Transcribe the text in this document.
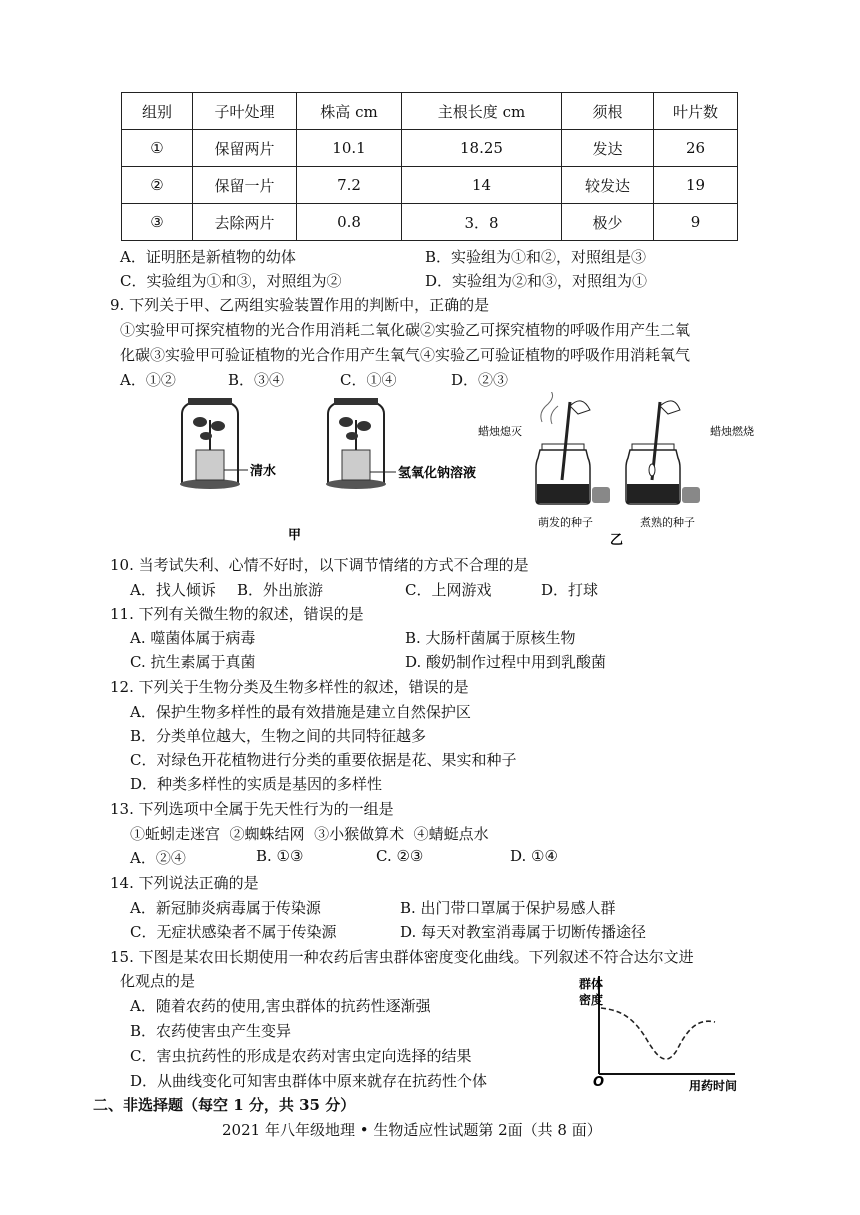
组别	子叶处理	株高 cm	主根长度 cm	须根	叶片数
①	保留两片	10.1	18.25	发达	26
②	保留一片	7.2	14	较发达	19
③	去除两片	0.8	3．8	极少	9
A．证明胚是新植物的幼体	B．实验组为①和②，对照组是③
C．实验组为①和③，对照组为②	D．实验组为②和③，对照组为①
9. 下列关于甲、乙两组实验装置作用的判断中，正确的是
①实验甲可探究植物的光合作用消耗二氧化碳②实验乙可探究植物的呼吸作用产生二氧
化碳③实验甲可验证植物的光合作用产生氧气④实验乙可验证植物的呼吸作用消耗氧气
A．①②	B．③④	C．①④	D．②③
清水	氢氧化钠溶液
甲
蜡烛熄灭
萌发的种子
蜡烛燃烧
煮熟的种子
乙
10. 当考试失利、心情不好时，以下调节情绪的方式不合理的是
A．找人倾诉 B．外出旅游	C．上网游戏	D．打球
11. 下列有关微生物的叙述，错误的是
A. 噬菌体属于病毒	B. 大肠杆菌属于原核生物
C. 抗生素属于真菌	D. 酸奶制作过程中用到乳酸菌
12. 下列关于生物分类及生物多样性的叙述，错误的是
A．保护生物多样性的最有效措施是建立自然保护区
B．分类单位越大，生物之间的共同特征越多
C．对绿色开花植物进行分类的重要依据是花、果实和种子
D．种类多样性的实质是基因的多样性
13. 下列选项中全属于先天性行为的一组是
①蚯蚓走迷宫  ②蜘蛛结网  ③小猴做算术  ④蜻蜓点水
A．②④	B. ①③	C. ②③	D. ①④
14. 下列说法正确的是
A．新冠肺炎病毒属于传染源	B. 出门带口罩属于保护易感人群
C．无症状感染者不属于传染源	D. 每天对教室消毒属于切断传播途径
15. 下图是某农田长期使用一种农药后害虫群体密度变化曲线。下列叙述不符合达尔文进
化观点的是
A．随着农药的使用,害虫群体的抗药性逐渐强
B．农药使害虫产生变异
C．害虫抗药性的形成是农药对害虫定向选择的结果
D．从曲线变化可知害虫群体中原来就存在抗药性个体
群体
密度
O	用药时间
二、非选择题（每空 1 分，共 35 分）
2021 年八年级地理 • 生物适应性试题第 2面（共 8 面）
